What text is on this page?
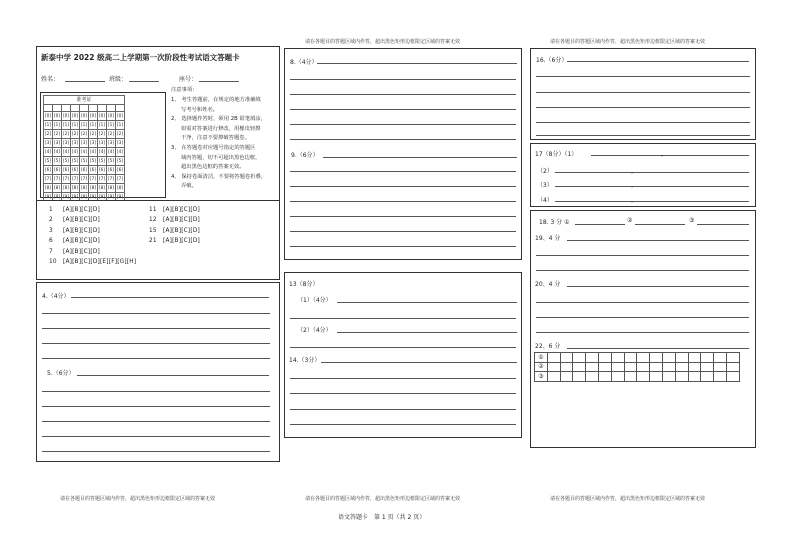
请在各题目的答题区域内作答，超出黑色矩形边框限定区域的答案无效	请在各题目的答题区域内作答，超出黑色矩形边框限定区域的答案无效
新泰中学 2022 级高二上学期第一次阶段性考试语文答题卡
姓名：	班级：	座号：
准考证								

[0]	[0]	[0]	[0]	[0]	[0]	[0]	[0]	[0]
[1]	[1]	[1]	[1]	[1]	[1]	[1]	[1]	[1]
[2]	[2]	[2]	[2]	[2]	[2]	[2]	[2]	[2]
[3]	[3]	[3]	[3]	[3]	[3]	[3]	[3]	[3]
[4]	[4]	[4]	[4]	[4]	[4]	[4]	[4]	[4]
[5]	[5]	[5]	[5]	[5]	[5]	[5]	[5]	[5]
[6]	[6]	[6]	[6]	[6]	[6]	[6]	[6]	[6]
[7]	[7]	[7]	[7]	[7]	[7]	[7]	[7]	[7]
[8]	[8]	[8]	[8]	[8]	[8]	[8]	[8]	[8]
[9]	[9]	[9]	[9]	[9]	[9]	[9]	[9]	[9]
注意事项：
1、 考生答题前，在规定的地方准确填
写考号和姓名。
2、 选择题作答时，须用 2B 铅笔填涂，
如需对答案进行修改，用橡皮轻擦
干净，注意不要擦破答题卷。
3、 在答题卷对应题号指定的答题区
域内答题，切不可超出黑色边框，
超出黑色边框的答案无效。
4、 保持卷面清洁，不要将答题卷折叠，
弄破。
1 [A][B][C][D]
2 [A][B][C][D]
3 [A][B][C][D]
6 [A][B][C][D]
7 [A][B][C][D]
10 [A][B][C][D][E][F][G][H]
11 [A][B][C][D]
12 [A][B][C][D]
15 [A][B][C][D]
21 [A][B][C][D]
4.（4分）
5.（6分）
8.（4分）
9.（6分）
13（8分）
（1）（4分）
（2）（4分）
14.（3分）
16.（6分）
17（8分）（1）	，
（2）	，
（3）	，
（4）	，
18. 3 分 ①	②	③
19、4 分
20、4 分
22、6 分
①															
②															
③															
请在各题目的答题区域内作答，超出黑色矩形边框限定区域的答案无效	请在各题目的答题区域内作答，超出黑色矩形边框限定区域的答案无效	请在各题目的答题区域内作答，超出黑色矩形边框限定区域的答案无效
语文答题卡　第 1 页（共 2 页）
